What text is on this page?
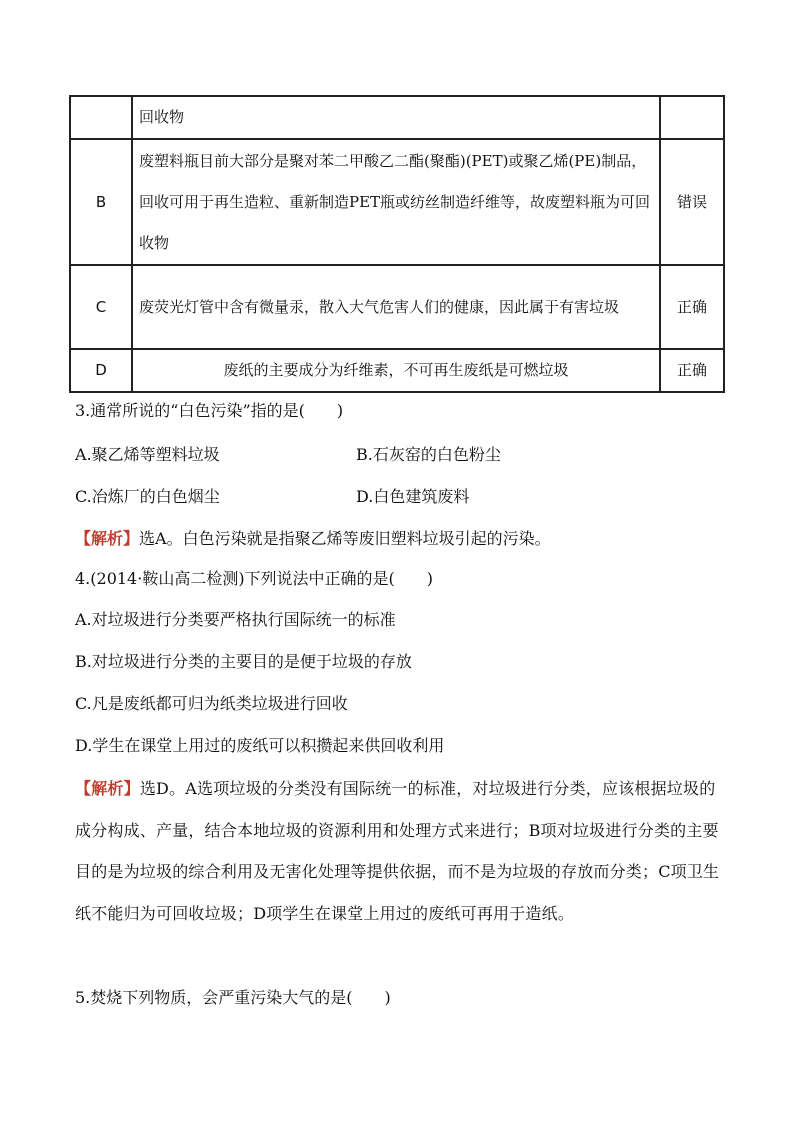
	回收物	
B	废塑料瓶目前大部分是聚对苯二甲酸乙二酯(聚酯)(PET)或聚乙烯(PE)制品，回收可用于再生造粒、重新制造PET瓶或纺丝制造纤维等，故废塑料瓶为可回收物	错误
C	废荧光灯管中含有微量汞，散入大气危害人们的健康，因此属于有害垃圾	正确
D	废纸的主要成分为纤维素，不可再生废纸是可燃垃圾	正确
3.通常所说的“白色污染”指的是(　　)
A.聚乙烯等塑料垃圾	B.石灰窑的白色粉尘
C.冶炼厂的白色烟尘	D.白色建筑废料
【解析】选A。白色污染就是指聚乙烯等废旧塑料垃圾引起的污染。
4.(2014·鞍山高二检测)下列说法中正确的是(　　)
A.对垃圾进行分类要严格执行国际统一的标准
B.对垃圾进行分类的主要目的是便于垃圾的存放
C.凡是废纸都可归为纸类垃圾进行回收
D.学生在课堂上用过的废纸可以积攒起来供回收利用
【解析】选D。A选项垃圾的分类没有国际统一的标准，对垃圾进行分类，应该根据垃圾的成分构成、产量，结合本地垃圾的资源利用和处理方式来进行；B项对垃圾进行分类的主要目的是为垃圾的综合利用及无害化处理等提供依据，而不是为垃圾的存放而分类；C项卫生纸不能归为可回收垃圾；D项学生在课堂上用过的废纸可再用于造纸。
5.焚烧下列物质，会严重污染大气的是(　　)
